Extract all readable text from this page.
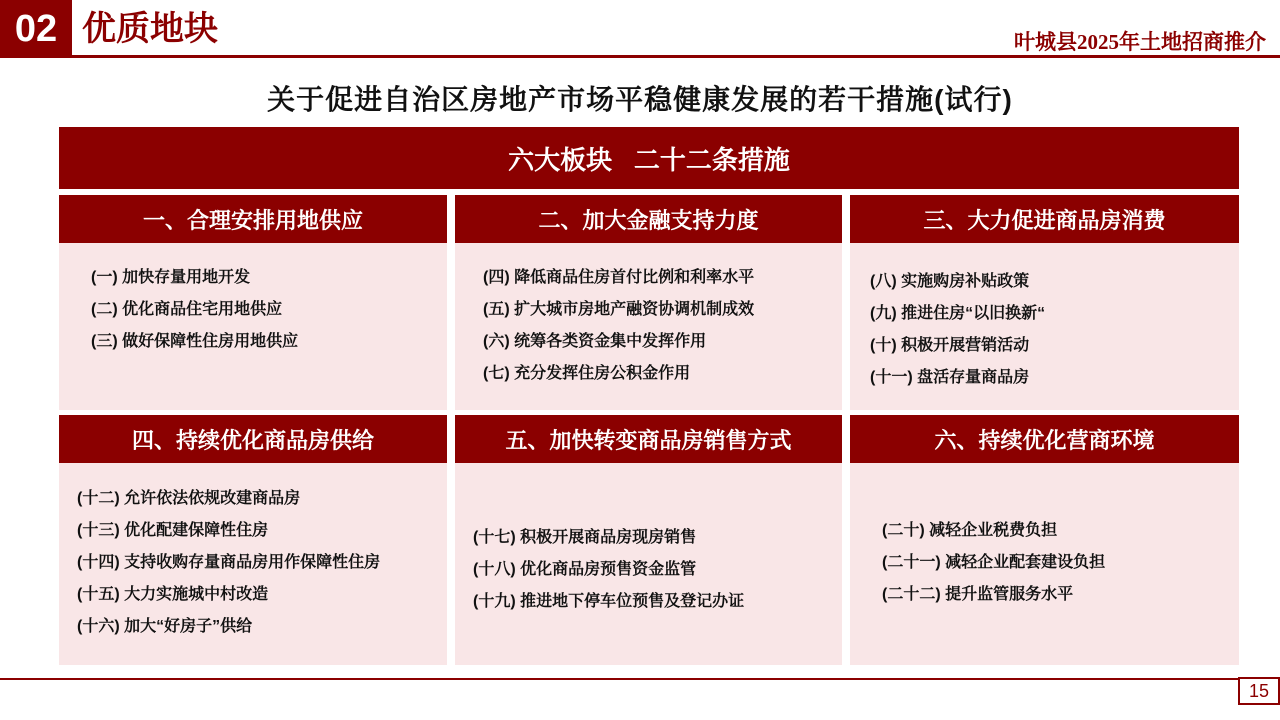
02 优质地块	叶城县2025年土地招商推介
关于促进自治区房地产市场平稳健康发展的若干措施(试行)
六大板块   二十二条措施
一、合理安排用地供应	二、加大金融支持力度	三、大力促进商品房消费
(一) 加快存量用地开发
(二) 优化商品住宅用地供应
(三) 做好保障性住房用地供应
(四) 降低商品住房首付比例和利率水平
(五) 扩大城市房地产融资协调机制成效
(六) 统筹各类资金集中发挥作用
(七) 充分发挥住房公积金作用
(八) 实施购房补贴政策
(九) 推进住房“以旧换新“
(十) 积极开展营销活动
(十一) 盘活存量商品房
四、持续优化商品房供给	五、加快转变商品房销售方式	六、持续优化营商环境
(十二) 允许依法依规改建商品房
(十三) 优化配建保障性住房
(十四) 支持收购存量商品房用作保障性住房
(十五) 大力实施城中村改造
(十六) 加大“好房子”供给
(十七) 积极开展商品房现房销售
(十八) 优化商品房预售资金监管
(十九) 推进地下停车位预售及登记办证
(二十) 减轻企业税费负担
(二十一) 减轻企业配套建设负担
(二十二) 提升监管服务水平
15
